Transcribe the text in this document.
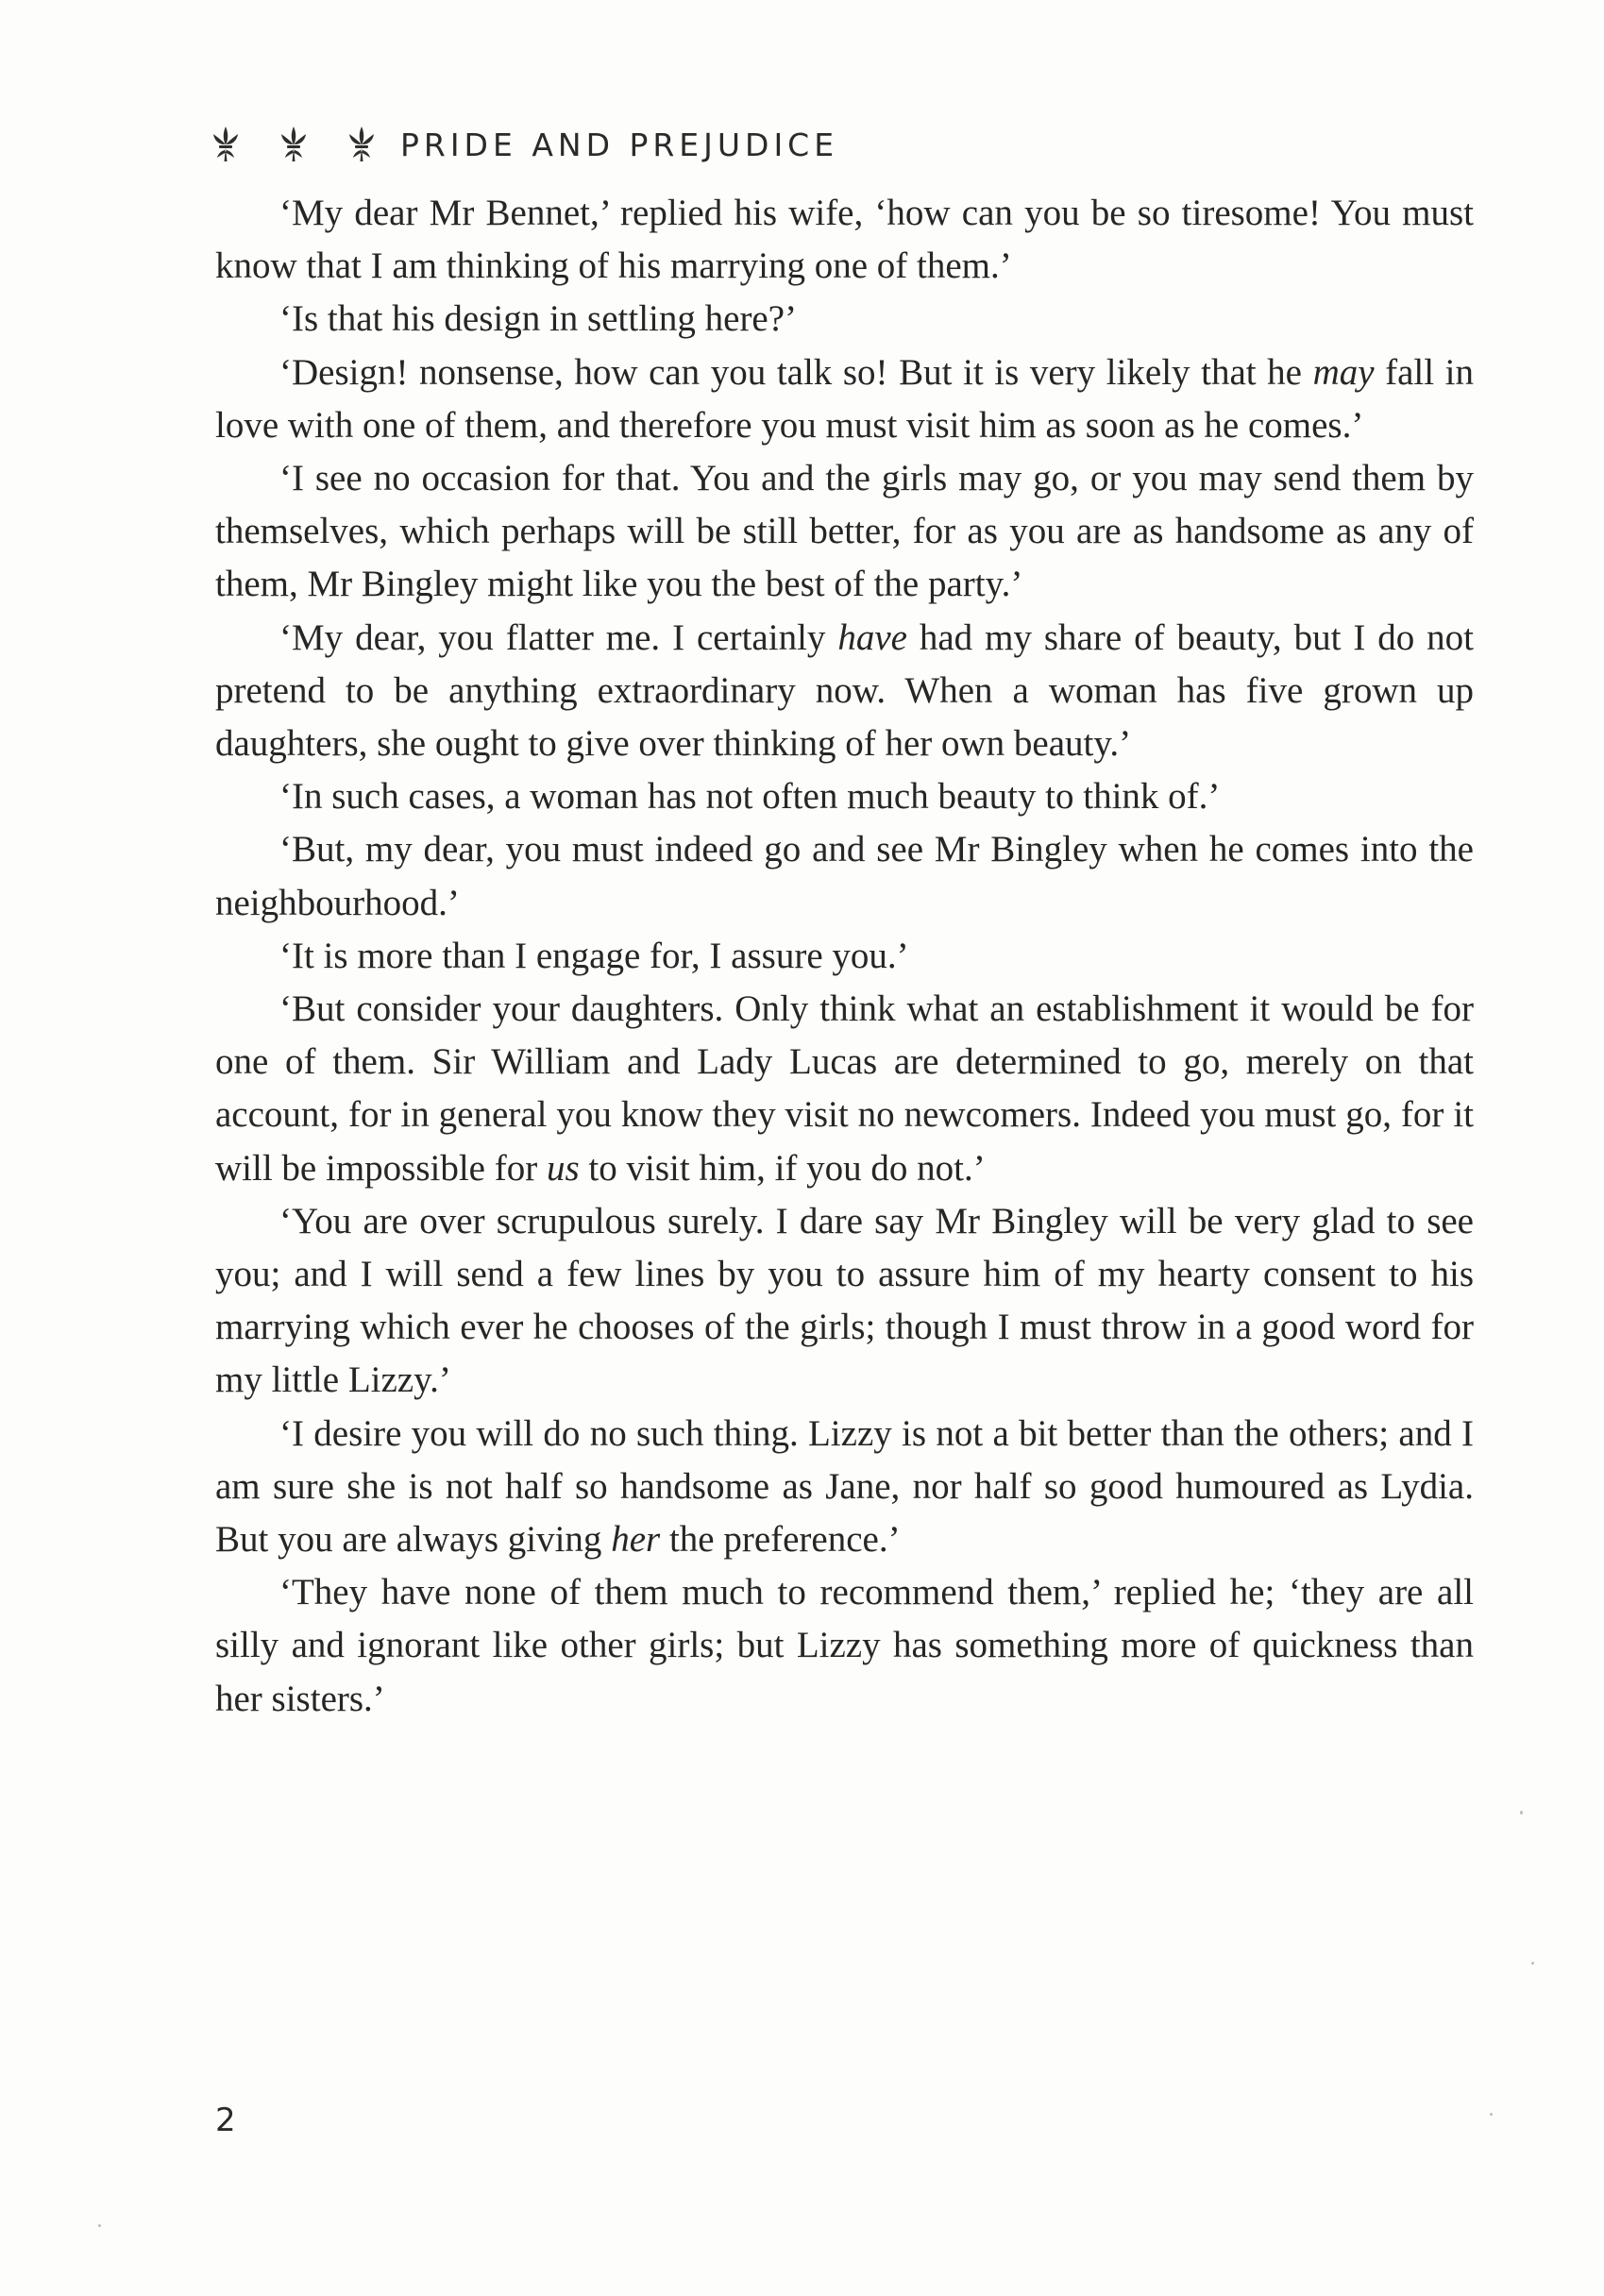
PRIDE AND PREJUDICE

‘My dear Mr Bennet,’ replied his wife, ‘how can you be so tiresome! You must know that I am thinking of his marrying one of them.’

‘Is that his design in settling here?’

‘Design! nonsense, how can you talk so! But it is very likely that he may fall in love with one of them, and therefore you must visit him as soon as he comes.’

‘I see no occasion for that. You and the girls may go, or you may send them by themselves, which perhaps will be still better, for as you are as handsome as any of them, Mr Bingley might like you the best of the party.’

‘My dear, you flatter me. I certainly have had my share of beauty, but I do not pretend to be anything extraordinary now. When a woman has five grown up daughters, she ought to give over thinking of her own beauty.’

‘In such cases, a woman has not often much beauty to think of.’

‘But, my dear, you must indeed go and see Mr Bingley when he comes into the neighbourhood.’

‘It is more than I engage for, I assure you.’

‘But consider your daughters. Only think what an establishment it would be for one of them. Sir William and Lady Lucas are determined to go, merely on that account, for in general you know they visit no newcomers. Indeed you must go, for it will be impossible for us to visit him, if you do not.’

‘You are over scrupulous surely. I dare say Mr Bingley will be very glad to see you; and I will send a few lines by you to assure him of my hearty consent to his marrying which ever he chooses of the girls; though I must throw in a good word for my little Lizzy.’

‘I desire you will do no such thing. Lizzy is not a bit better than the others; and I am sure she is not half so handsome as Jane, nor half so good humoured as Lydia. But you are always giving her the preference.’

‘They have none of them much to recommend them,’ replied he; ‘they are all silly and ignorant like other girls; but Lizzy has something more of quickness than her sisters.’

2
